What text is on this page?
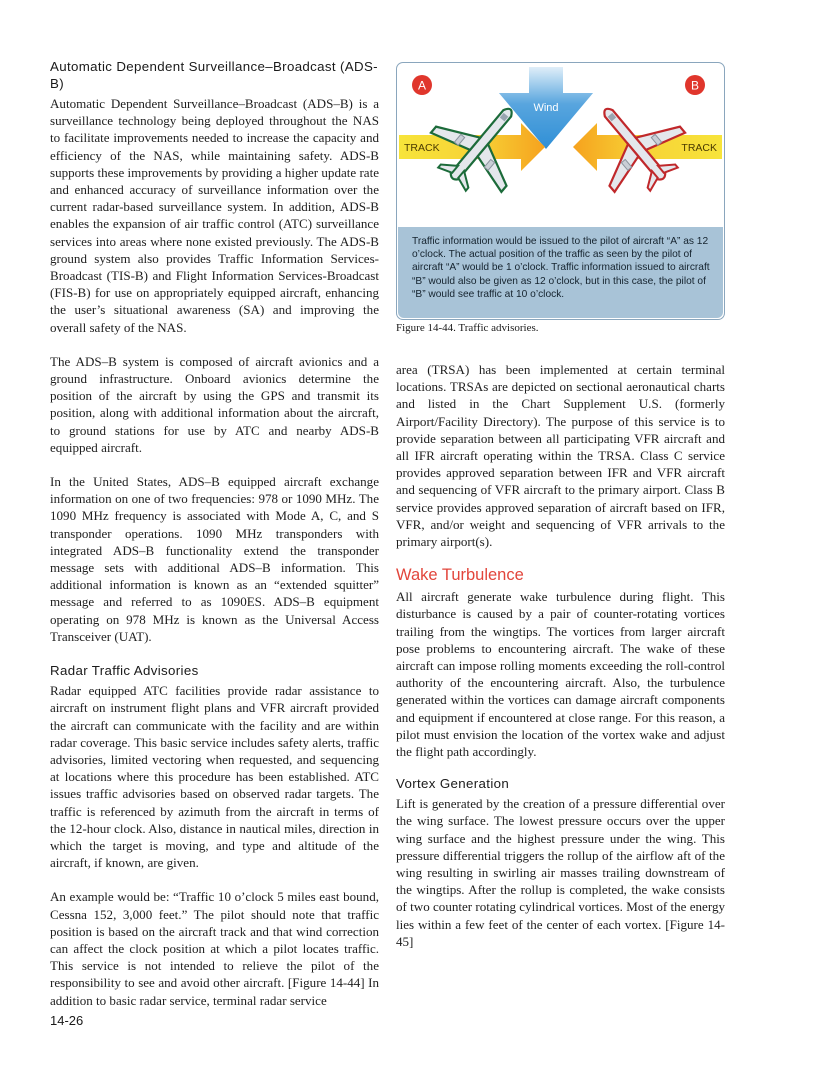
Automatic Dependent Surveillance–Broadcast (ADS-B)

Automatic Dependent Surveillance–Broadcast (ADS–B) is a surveillance technology being deployed throughout the NAS to facilitate improvements needed to increase the capacity and efficiency of the NAS, while maintaining safety. ADS-B supports these improvements by providing a higher update rate and enhanced accuracy of surveillance information over the current radar-based surveillance system. In addition, ADS-B enables the expansion of air traffic control (ATC) surveillance services into areas where none existed previously. The ADS-B ground system also provides Traffic Information Services-Broadcast (TIS-B) and Flight Information Services-Broadcast (FIS-B) for use on appropriately equipped aircraft, enhancing the user’s situational awareness (SA) and improving the overall safety of the NAS.

The ADS–B system is composed of aircraft avionics and a ground infrastructure. Onboard avionics determine the position of the aircraft by using the GPS and transmit its position, along with additional information about the aircraft, to ground stations for use by ATC and nearby ADS-B equipped aircraft.

In the United States, ADS–B equipped aircraft exchange information on one of two frequencies: 978 or 1090 MHz. The 1090 MHz frequency is associated with Mode A, C, and S transponder operations. 1090 MHz transponders with integrated ADS–B functionality extend the transponder message sets with additional ADS–B information. This additional information is known as an “extended squitter” message and referred to as 1090ES. ADS–B equipment operating on 978 MHz is known as the Universal Access Transceiver (UAT).

Radar Traffic Advisories

Radar equipped ATC facilities provide radar assistance to aircraft on instrument flight plans and VFR aircraft provided the aircraft can communicate with the facility and are within radar coverage. This basic service includes safety alerts, traffic advisories, limited vectoring when requested, and sequencing at locations where this procedure has been established. ATC issues traffic advisories based on observed radar targets. The traffic is referenced by azimuth from the aircraft in terms of the 12-hour clock. Also, distance in nautical miles, direction in which the target is moving, and type and altitude of the aircraft, if known, are given.

An example would be: “Traffic 10 o’clock 5 miles east bound, Cessna 152, 3,000 feet.” The pilot should note that traffic position is based on the aircraft track and that wind correction can affect the clock position at which a pilot locates traffic. This service is not intended to relieve the pilot of the responsibility to see and avoid other aircraft. [Figure 14-44] In addition to basic radar service, terminal radar service

Wind
TRACK	TRACK
A	B
Traffic information would be issued to the pilot of aircraft “A” as 12 o’clock. The actual position of the traffic as seen by the pilot of aircraft “A” would be 1 o’clock. Traffic information issued to aircraft “B” would also be given as 12 o’clock, but in this case, the pilot of “B” would see traffic at 10 o’clock.
Figure 14-44. Traffic advisories.

area (TRSA) has been implemented at certain terminal locations. TRSAs are depicted on sectional aeronautical charts and listed in the Chart Supplement U.S. (formerly Airport/Facility Directory). The purpose of this service is to provide separation between all participating VFR aircraft and all IFR aircraft operating within the TRSA. Class C service provides approved separation between IFR and VFR aircraft and sequencing of VFR aircraft to the primary airport. Class B service provides approved separation of aircraft based on IFR, VFR, and/or weight and sequencing of VFR arrivals to the primary airport(s).

Wake Turbulence

All aircraft generate wake turbulence during flight. This disturbance is caused by a pair of counter-rotating vortices trailing from the wingtips. The vortices from larger aircraft pose problems to encountering aircraft. The wake of these aircraft can impose rolling moments exceeding the roll-control authority of the encountering aircraft. Also, the turbulence generated within the vortices can damage aircraft components and equipment if encountered at close range. For this reason, a pilot must envision the location of the vortex wake and adjust the flight path accordingly.

Vortex Generation

Lift is generated by the creation of a pressure differential over the wing surface. The lowest pressure occurs over the upper wing surface and the highest pressure under the wing. This pressure differential triggers the rollup of the airflow aft of the wing resulting in swirling air masses trailing downstream of the wingtips. After the rollup is completed, the wake consists of two counter rotating cylindrical vortices. Most of the energy lies within a few feet of the center of each vortex. [Figure 14-45]

14-26
